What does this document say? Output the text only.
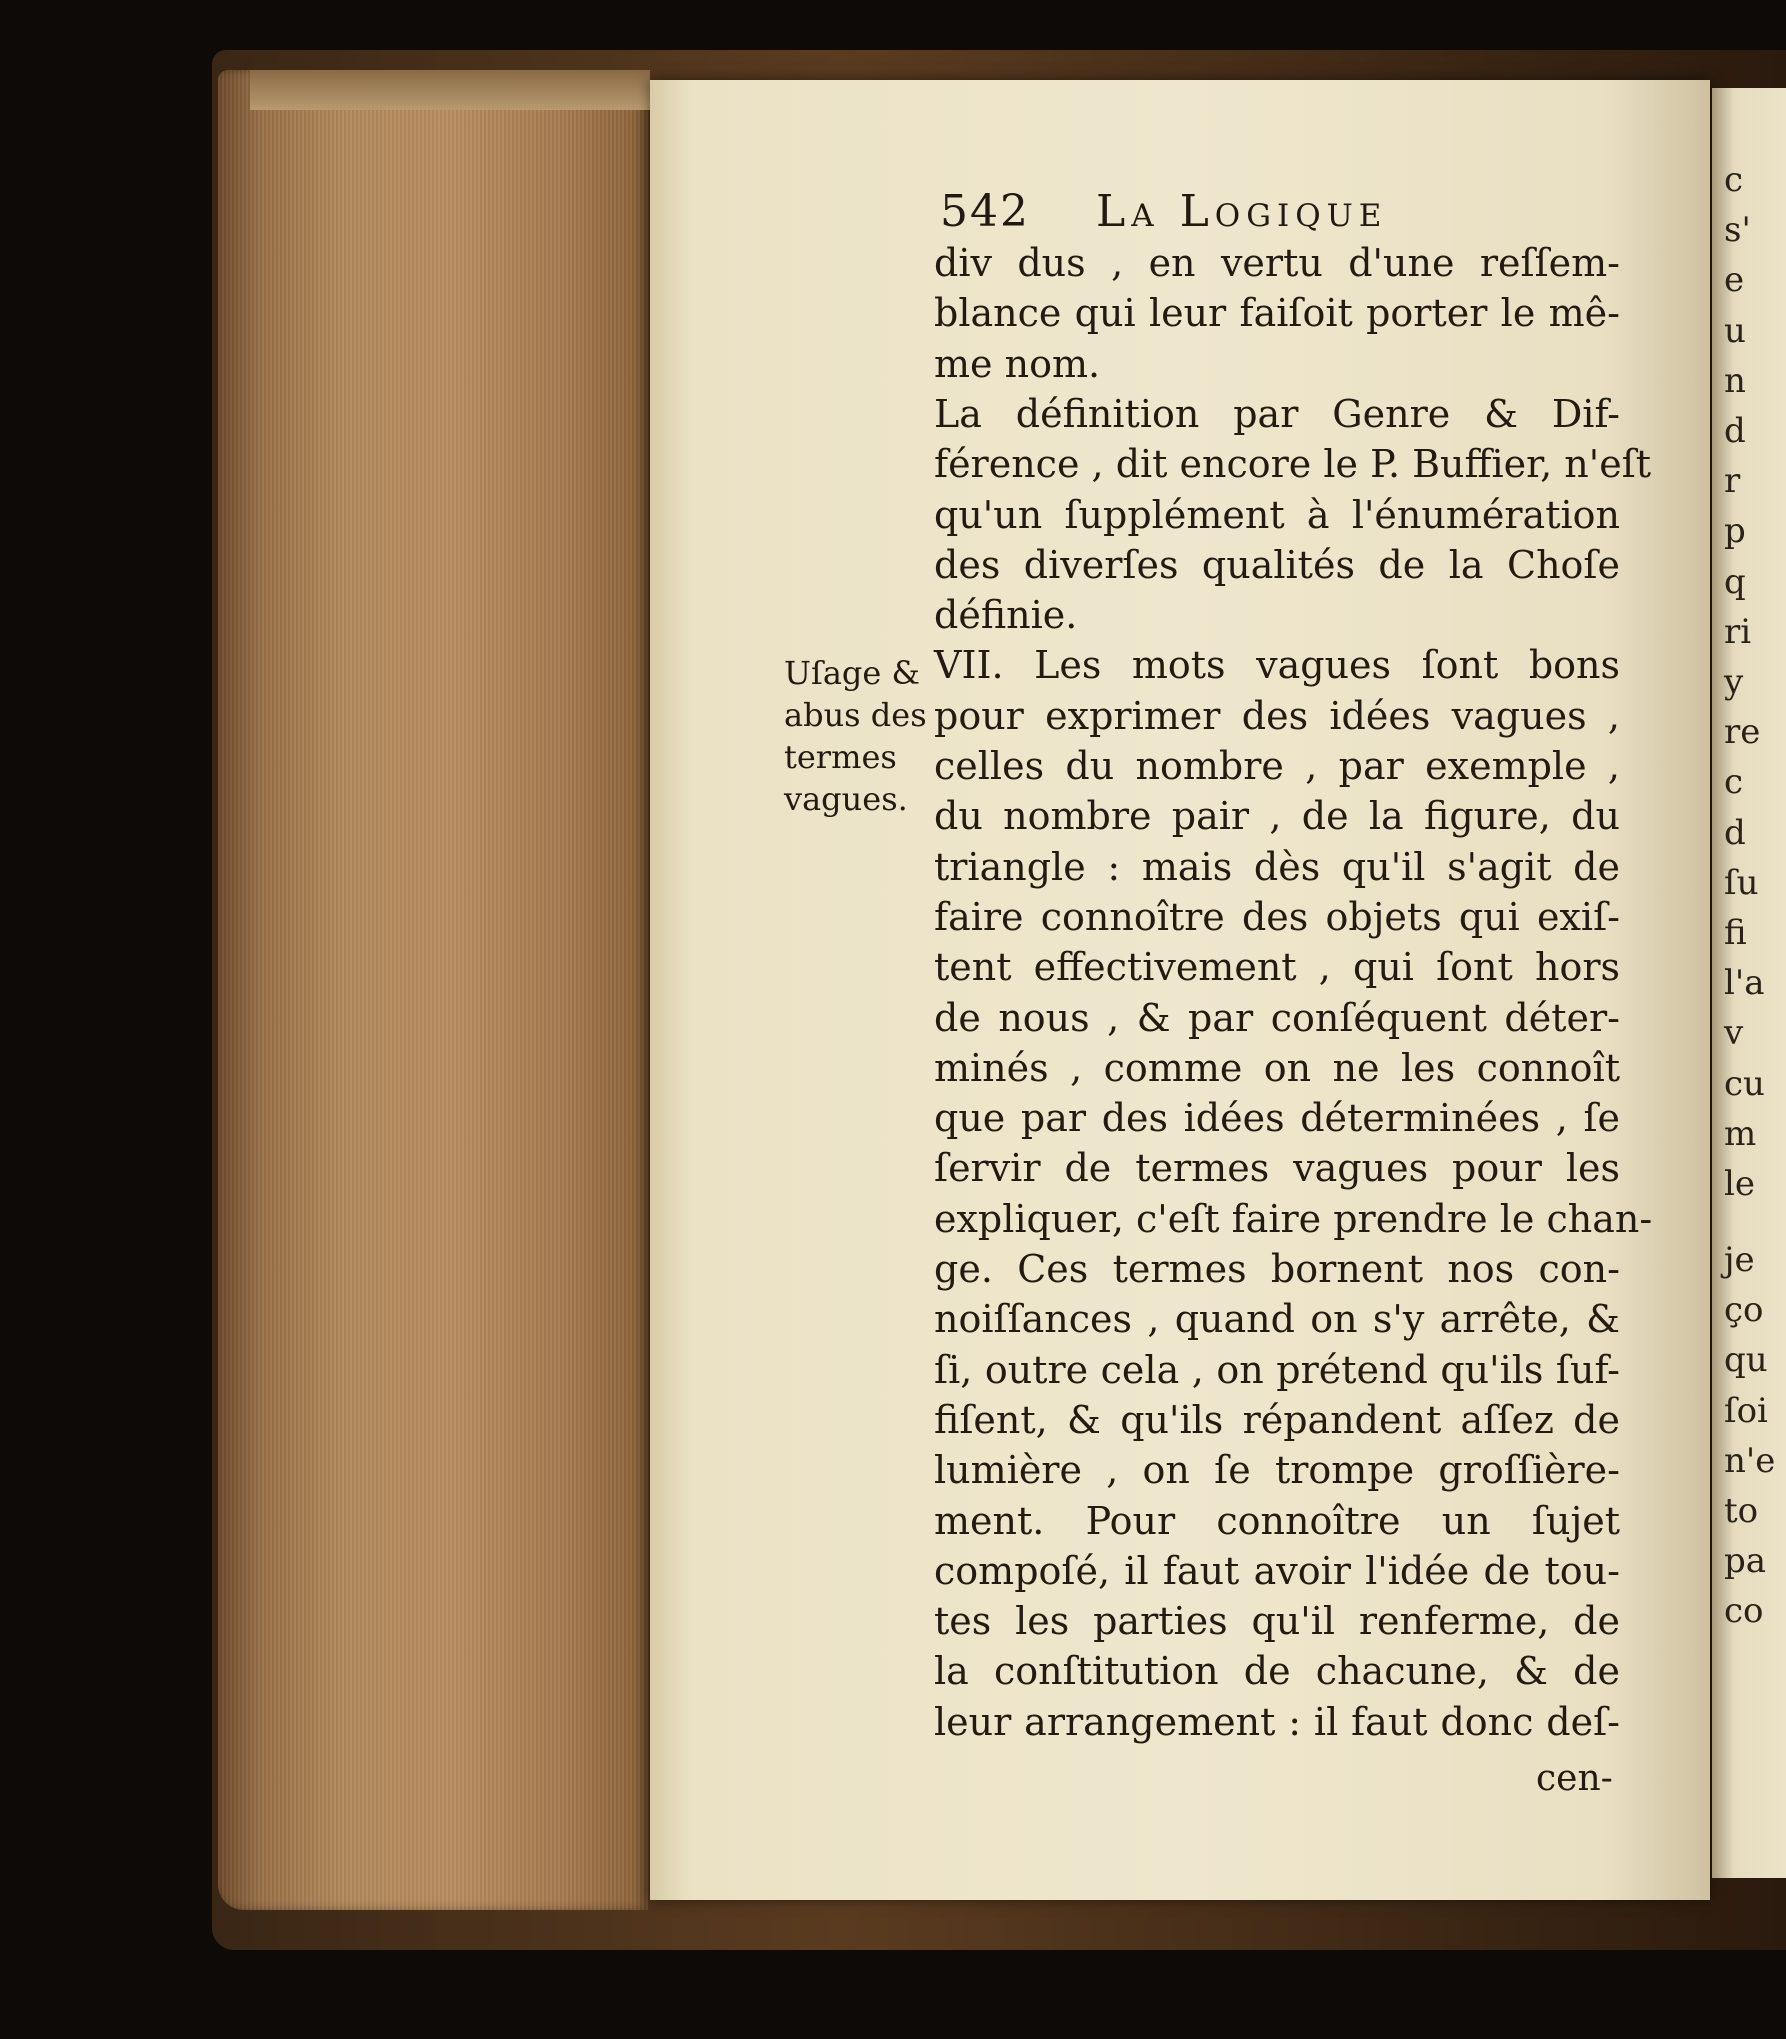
c
s'
e
u
n
d
r
p
q
ri
y
re
c
d
ſu
fi
l'a
v
cu
m
le
je
ço
qu
ſoi
n'e
to
pa
co
542 La Logique
div dus , en vertu d'une reſſem-
blance qui leur faiſoit porter le mê-
me nom.
La définition par Genre & Dif-
férence , dit encore le P. Buffier, n'eſt
qu'un ſupplément à l'énumération
des diverſes qualités de la Choſe
définie.
VII. Les mots vagues ſont bons
pour exprimer des idées vagues ,
celles du nombre , par exemple ,
du nombre pair , de la figure, du
triangle : mais dès qu'il s'agit de
faire connoître des objets qui exiſ-
tent effectivement , qui ſont hors
de nous , & par conſéquent déter-
minés , comme on ne les connoît
que par des idées déterminées , ſe
ſervir de termes vagues pour les
expliquer, c'eſt faire prendre le chan-
ge. Ces termes bornent nos con-
noiſſances , quand on s'y arrête, &
ſi, outre cela , on prétend qu'ils ſuf-
fiſent, & qu'ils répandent aſſez de
lumière , on ſe trompe groſſière-
ment. Pour connoître un ſujet
compoſé, il faut avoir l'idée de tou-
tes les parties qu'il renferme, de
la conſtitution de chacune, & de
leur arrangement : il faut donc deſ-
Uſage &
abus des
termes
vagues.
cen-
